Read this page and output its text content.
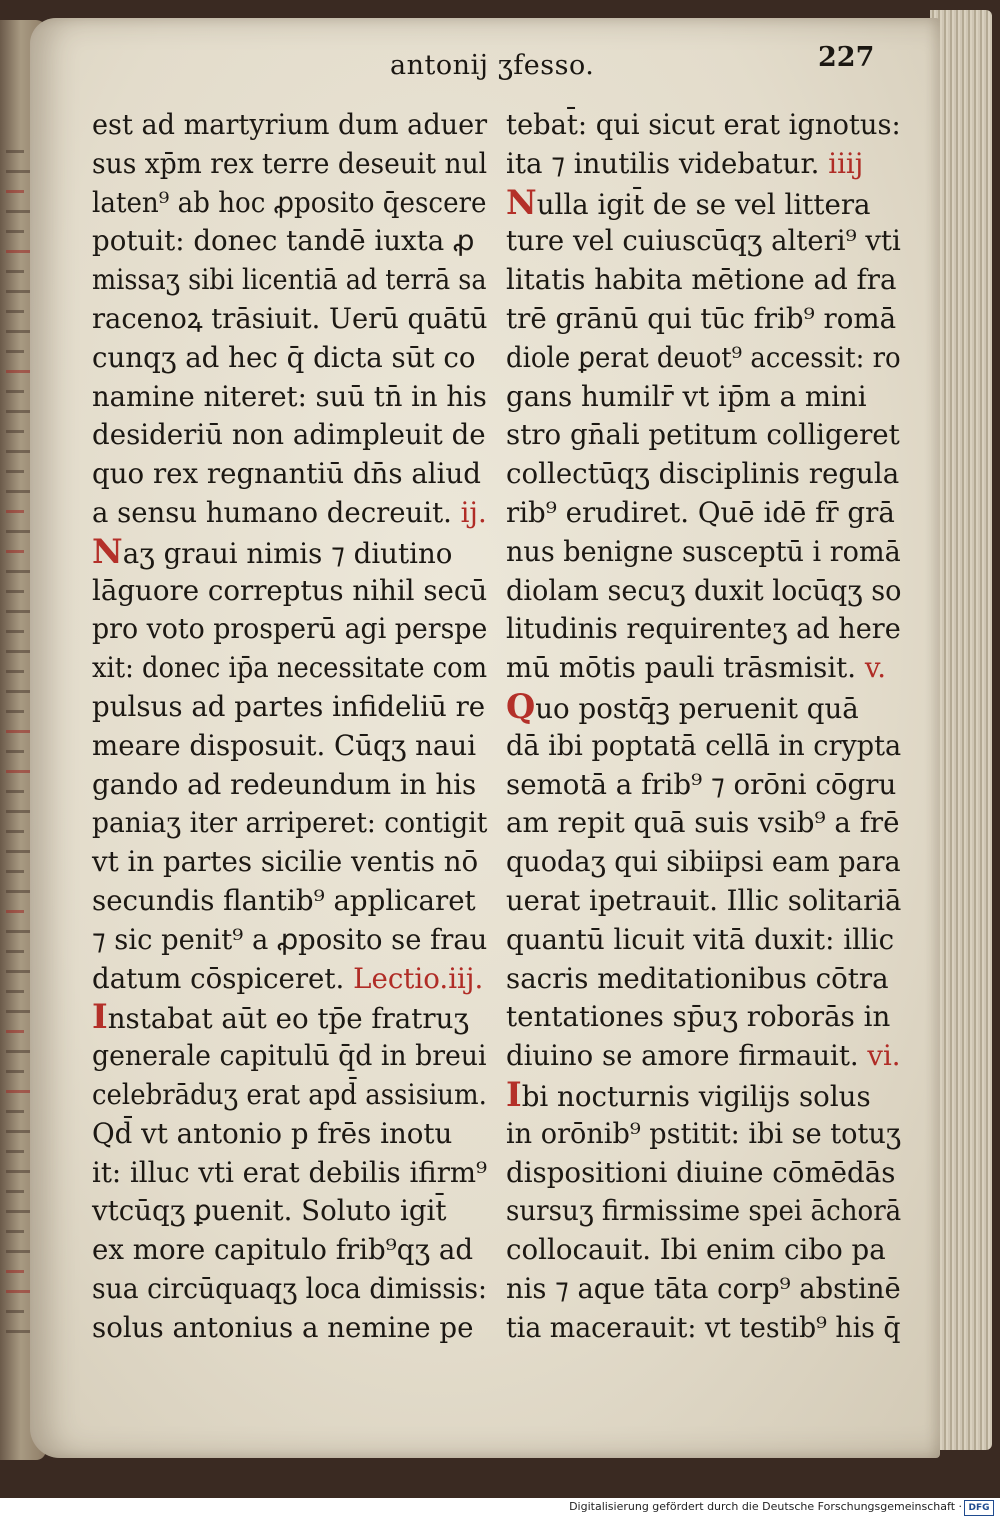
antonij ʒfesso.	227
est ad martyrium dum aduer
sus xp̄m rex terre deseuit nul
laten⁹ ab hoc ꝓposito q̄escere
potuit: donec tandē iuxta ꝓ
missaʒ sibi licentiā ad terrā sa
racenoꝝ trāsiuit. Uerū quātū
cunqʒ ad hec q̄ dicta sūt co
namine niteret: suū tn̄ in his
desideriū non adimpleuit de
quo rex regnantiū dn̄s aliud
a sensu humano decreuit. ij.
Naʒ graui nimis ⁊ diutino
lāguore correptus nihil secū
pro voto prosperū agi perspe
xit: donec ip̄a necessitate com
pulsus ad partes infideliū re
meare disposuit. Cūqʒ naui
gando ad redeundum in his
paniaʒ iter arriperet: contigit
vt in partes sicilie ventis nō
secundis flantib⁹ applicaret
⁊ sic penit⁹ a ꝓposito se frau
datum cōspiceret. Lectio.iij.
Instabat aūt eo tp̄e fratruʒ
generale capitulū q̄d in breui
celebrāduʒ erat apd̄ assisium.
Qd̄ vt antonio p frēs inotu
it: illuc vti erat debilis ifirm⁹
vtcūqʒ ꝑuenit. Soluto igit̄
ex more capitulo frib⁹qʒ ad
sua circūquaqʒ loca dimissis:
solus antonius a nemine pe
tebat̄: qui sicut erat ignotus:
ita ⁊ inutilis videbatur. iiij
Nulla igit̄ de se vel littera
ture vel cuiuscūqʒ alteri⁹ vti
litatis habita mētione ad fra
trē grānū qui tūc frib⁹ romā
diole ꝑerat deuot⁹ accessit: ro
gans humilr̄ vt ip̄m a mini
stro gn̄ali petitum colligeret
collectūqʒ disciplinis regula
rib⁹ erudiret. Quē idē fr̄ grā
nus benigne susceptū i romā
diolam secuʒ duxit locūqʒ so
litudinis requirenteʒ ad here
mū mōtis pauli trāsmisit. v.
Quo postq̄ꝫ peruenit quā
dā ibi poptatā cellā in crypta
semotā a frib⁹ ⁊ orōni cōgru
am repit quā suis vsib⁹ a frē
quodaʒ qui sibiipsi eam para
uerat ipetrauit. Illic solitariā
quantū licuit vitā duxit: illic
sacris meditationibus cōtra
tentationes sp̄uʒ roborās in
diuino se amore firmauit. vi.
Ibi nocturnis vigilijs solus
in orōnib⁹ pstitit: ibi se totuʒ
dispositioni diuine cōmēdās
sursuʒ firmissime spei āchorā
collocauit. Ibi enim cibo pa
nis ⁊ aque tāta corp⁹ abstinē
tia macerauit: vt testib⁹ his q̄
Digitalisierung gefördert durch die Deutsche Forschungsgemeinschaft · DFG
